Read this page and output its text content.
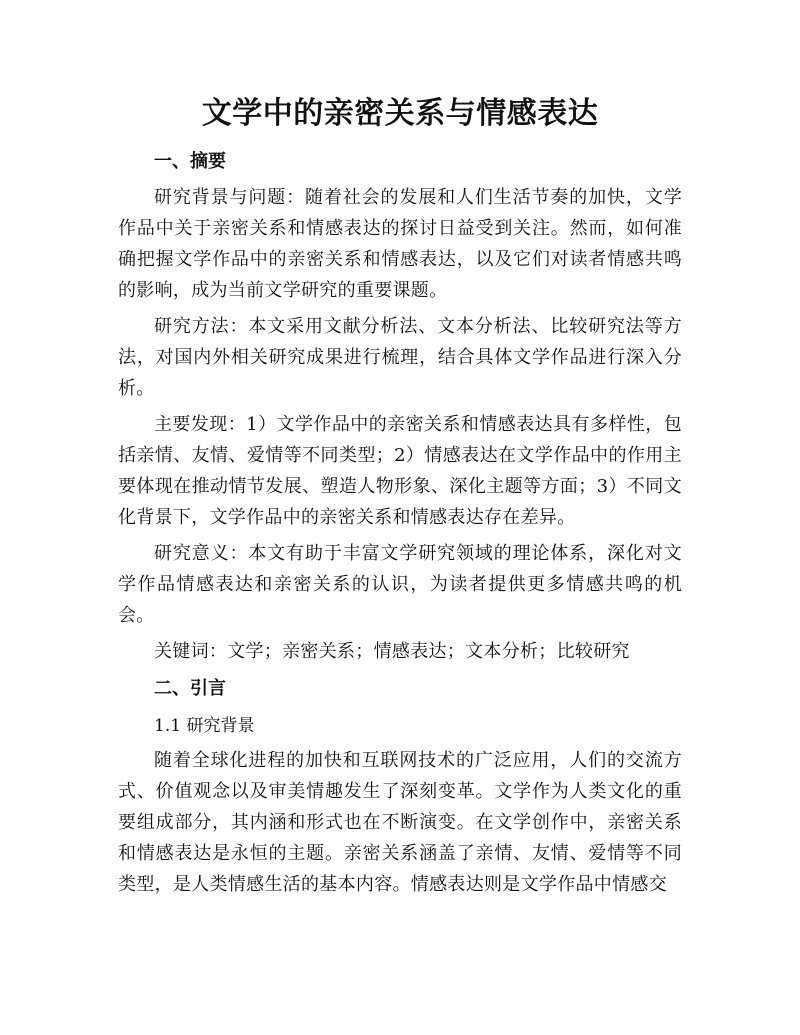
文学中的亲密关系与情感表达
一、摘要

研究背景与问题：随着社会的发展和人们生活节奏的加快，文学作品中关于亲密关系和情感表达的探讨日益受到关注。然而，如何准确把握文学作品中的亲密关系和情感表达，以及它们对读者情感共鸣的影响，成为当前文学研究的重要课题。

研究方法：本文采用文献分析法、文本分析法、比较研究法等方法，对国内外相关研究成果进行梳理，结合具体文学作品进行深入分析。

主要发现：1）文学作品中的亲密关系和情感表达具有多样性，包括亲情、友情、爱情等不同类型；2）情感表达在文学作品中的作用主要体现在推动情节发展、塑造人物形象、深化主题等方面；3）不同文化背景下，文学作品中的亲密关系和情感表达存在差异。

研究意义：本文有助于丰富文学研究领域的理论体系，深化对文学作品情感表达和亲密关系的认识，为读者提供更多情感共鸣的机会。

关键词：文学；亲密关系；情感表达；文本分析；比较研究

二、引言
1.1 研究背景

随着全球化进程的加快和互联网技术的广泛应用，人们的交流方式、价值观念以及审美情趣发生了深刻变革。文学作为人类文化的重要组成部分，其内涵和形式也在不断演变。在文学创作中，亲密关系和情感表达是永恒的主题。亲密关系涵盖了亲情、友情、爱情等不同类型，是人类情感生活的基本内容。情感表达则是文学作品中情感交
